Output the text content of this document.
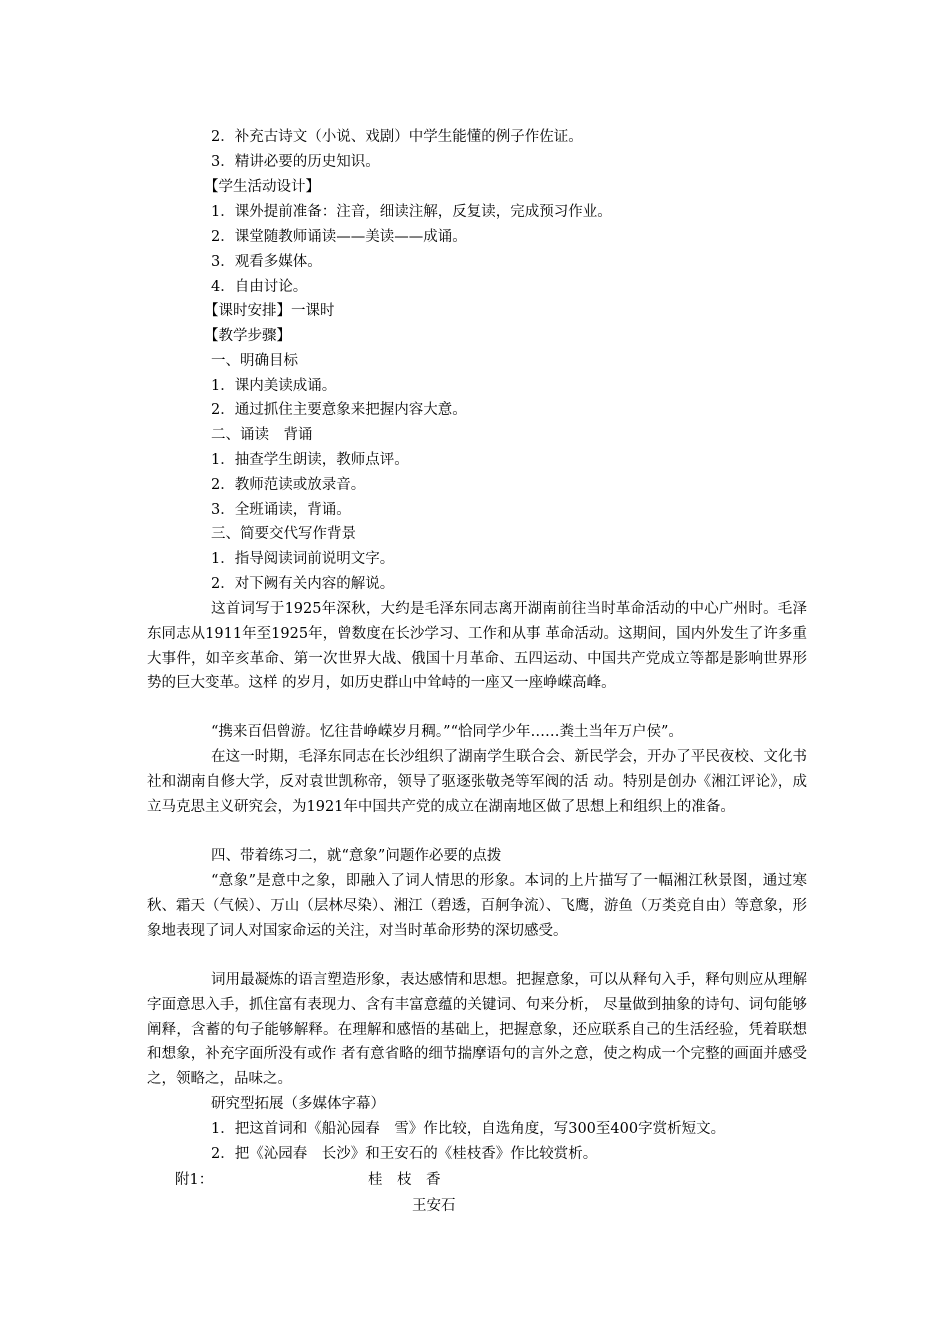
2．补充古诗文（小说、戏剧）中学生能懂的例子作佐证。
3．精讲必要的历史知识。
【学生活动设计】
1．课外提前准备：注音，细读注解，反复读，完成预习作业。
2．课堂随教师诵读——美读——成诵。
3．观看多媒体。
4．自由讨论。
【课时安排】一课时
【教学步骤】
一、明确目标
1．课内美读成诵。
2．通过抓住主要意象来把握内容大意。
二、诵读　背诵
1．抽查学生朗读，教师点评。
2．教师范读或放录音。
3．全班诵读，背诵。
三、简要交代写作背景
1．指导阅读词前说明文字。
2．对下阙有关内容的解说。
这首词写于1925年深秋，大约是毛泽东同志离开湖南前往当时革命活动的中心广州时。毛泽东同志从1911年至1925年，曾数度在长沙学习、工作和从事 革命活动。这期间，国内外发生了许多重大事件，如辛亥革命、第一次世界大战、俄国十月革命、五四运动、中国共产党成立等都是影响世界形势的巨大变革。这样 的岁月，如历史群山中耸峙的一座又一座峥嵘高峰。
“携来百侣曾游。忆往昔峥嵘岁月稠。”“恰同学少年……粪土当年万户侯”。
在这一时期，毛泽东同志在长沙组织了湖南学生联合会、新民学会，开办了平民夜校、文化书社和湖南自修大学，反对袁世凯称帝，领导了驱逐张敬尧等军阀的活 动。特别是创办《湘江评论》，成立马克思主义研究会，为1921年中国共产党的成立在湖南地区做了思想上和组织上的准备。
四、带着练习二，就“意象”问题作必要的点拨
“意象”是意中之象，即融入了词人情思的形象。本词的上片描写了一幅湘江秋景图，通过寒秋、霜天（气候）、万山（层林尽染）、湘江（碧透，百舸争流）、飞鹰，游鱼（万类竞自由）等意象，形象地表现了词人对国家命运的关注，对当时革命形势的深切感受。
词用最凝炼的语言塑造形象，表达感情和思想。把握意象，可以从释句入手，释句则应从理解字面意思入手，抓住富有表现力、含有丰富意蕴的关键词、句来分析， 尽量做到抽象的诗句、词句能够阐释，含蓄的句子能够解释。在理解和感悟的基础上，把握意象，还应联系自己的生活经验，凭着联想和想象，补充字面所没有或作 者有意省略的细节揣摩语句的言外之意，使之构成一个完整的画面并感受之，领略之，品味之。
研究型拓展（多媒体字幕）
1．把这首词和《船沁园春　雪》作比较，自选角度，写300至400字赏析短文。
2．把《沁园春　长沙》和王安石的《桂枝香》作比较赏析。
附1：	桂　枝　香
王安石
